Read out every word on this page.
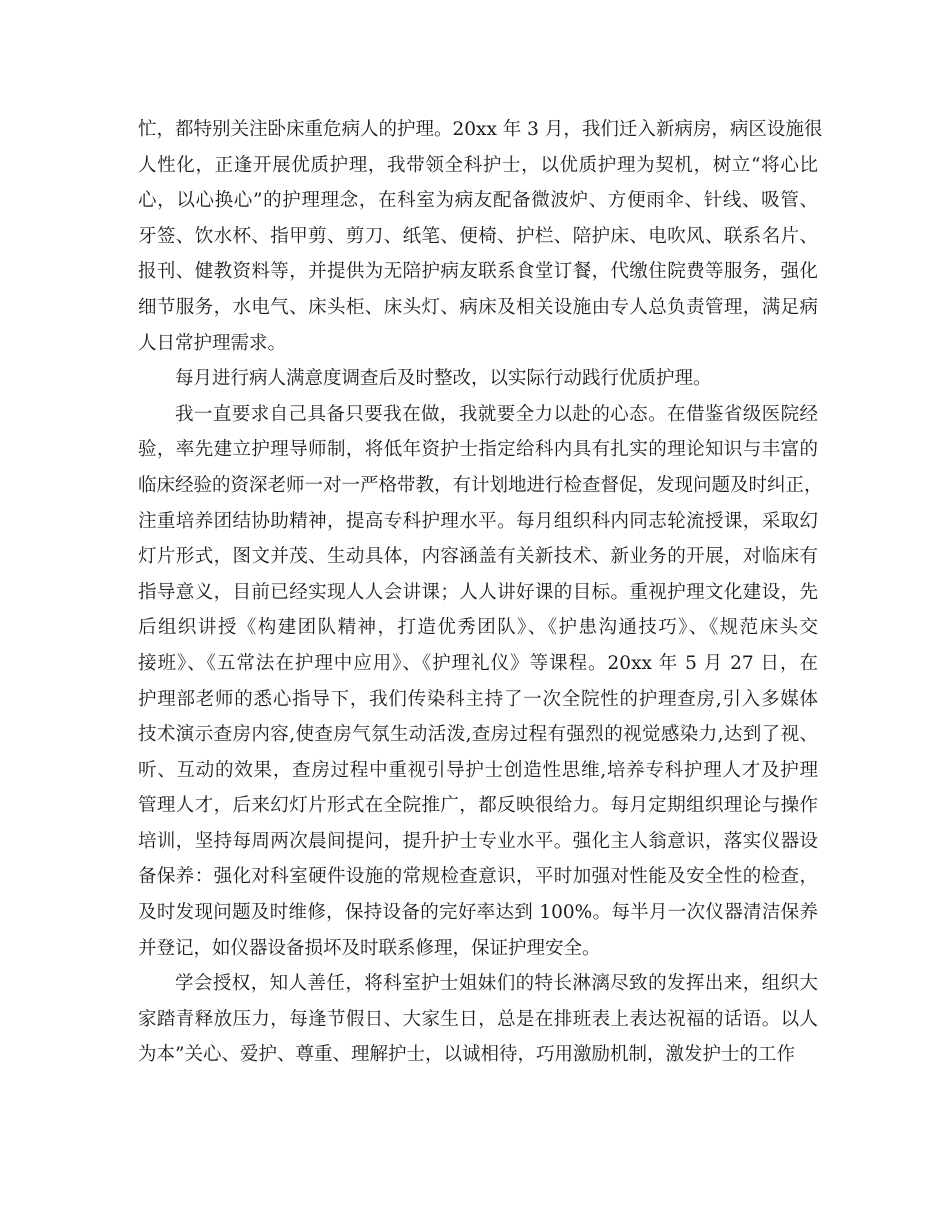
忙，都特别关注卧床重危病人的护理。20xx 年 3 月，我们迁入新病房，病区设施很
人性化，正逢开展优质护理，我带领全科护士，以优质护理为契机，树立“将心比
心，以心换心”的护理理念，在科室为病友配备微波炉、方便雨伞、针线、吸管、
牙签、饮水杯、指甲剪、剪刀、纸笔、便椅、护栏、陪护床、电吹风、联系名片、
报刊、健教资料等，并提供为无陪护病友联系食堂订餐，代缴住院费等服务，强化
细节服务，水电气、床头柜、床头灯、病床及相关设施由专人总负责管理，满足病
人日常护理需求。
每月进行病人满意度调查后及时整改，以实际行动践行优质护理。
我一直要求自己具备只要我在做，我就要全力以赴的心态。在借鉴省级医院经
验，率先建立护理导师制，将低年资护士指定给科内具有扎实的理论知识与丰富的
临床经验的资深老师一对一严格带教，有计划地进行检查督促，发现问题及时纠正，
注重培养团结协助精神，提高专科护理水平。每月组织科内同志轮流授课，采取幻
灯片形式，图文并茂、生动具体，内容涵盖有关新技术、新业务的开展，对临床有
指导意义，目前已经实现人人会讲课；人人讲好课的目标。重视护理文化建设，先
后组织讲授《构建团队精神，打造优秀团队》、《护患沟通技巧》、《规范床头交
接班》、《五常法在护理中应用》、《护理礼仪》等课程。20xx 年 5 月 27 日，在
护理部老师的悉心指导下，我们传染科主持了一次全院性的护理查房,引入多媒体
技术演示查房内容,使查房气氛生动活泼,查房过程有强烈的视觉感染力,达到了视、
听、互动的效果，查房过程中重视引导护士创造性思维,培养专科护理人才及护理
管理人才，后来幻灯片形式在全院推广，都反映很给力。每月定期组织理论与操作
培训，坚持每周两次晨间提问，提升护士专业水平。强化主人翁意识，落实仪器设
备保养：强化对科室硬件设施的常规检查意识，平时加强对性能及安全性的检查，
及时发现问题及时维修，保持设备的完好率达到 100%。每半月一次仪器清洁保养
并登记，如仪器设备损坏及时联系修理，保证护理安全。
学会授权，知人善任，将科室护士姐妹们的特长淋漓尽致的发挥出来，组织大
家踏青释放压力，每逢节假日、大家生日，总是在排班表上表达祝福的话语。以人
为本”关心、爱护、尊重、理解护士，以诚相待，巧用激励机制，激发护士的工作
